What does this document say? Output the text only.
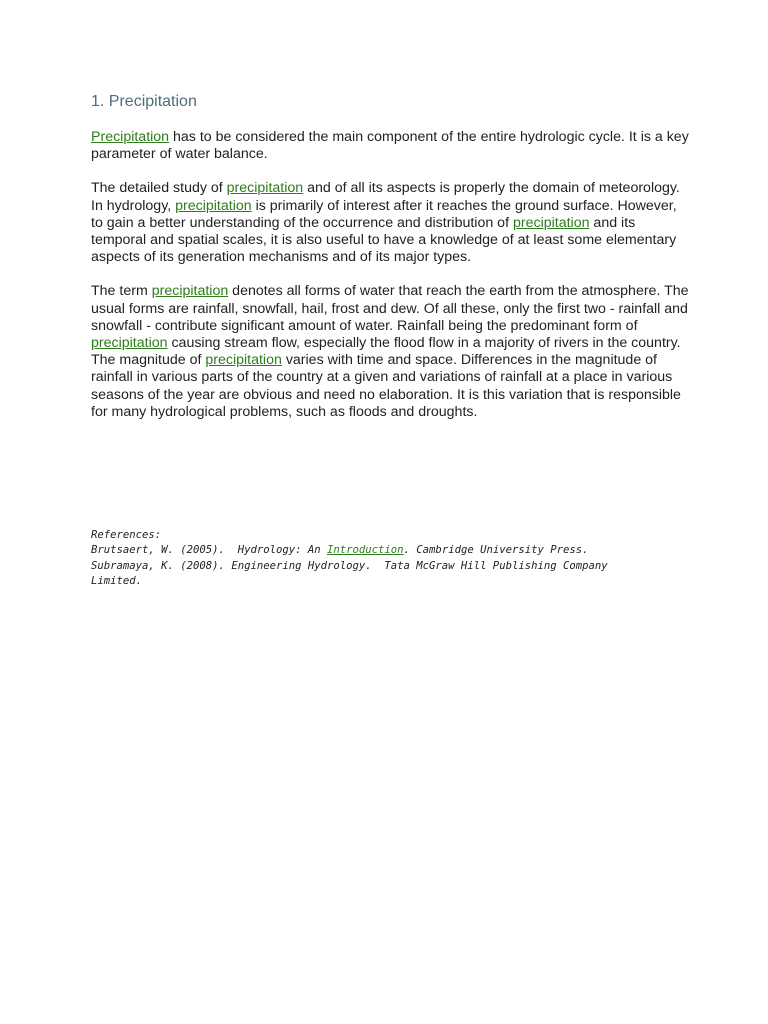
1. Precipitation

Precipitation has to be considered the main component of the entire hydrologic cycle. It is a key parameter of water balance.

The detailed study of precipitation and of all its aspects is properly the domain of meteorology. In hydrology, precipitation is primarily of interest after it reaches the ground surface. However, to gain a better understanding of the occurrence and distribution of precipitation and its temporal and spatial scales, it is also useful to have a knowledge of at least some elementary aspects of its generation mechanisms and of its major types.

The term precipitation denotes all forms of water that reach the earth from the atmosphere. The usual forms are rainfall, snowfall, hail, frost and dew. Of all these, only the first two - rainfall and snowfall - contribute significant amount of water. Rainfall being the predominant form of precipitation causing stream flow, especially the flood flow in a majority of rivers in the country. The magnitude of precipitation varies with time and space. Differences in the magnitude of rainfall in various parts of the country at a given and variations of rainfall at a place in various seasons of the year are obvious and need no elaboration. It is this variation that is responsible for many hydrological problems, such as floods and droughts.

References:
Brutsaert, W. (2005).  Hydrology: An Introduction. Cambridge University Press.
Subramaya, K. (2008). Engineering Hydrology.  Tata McGraw Hill Publishing Company
Limited.
